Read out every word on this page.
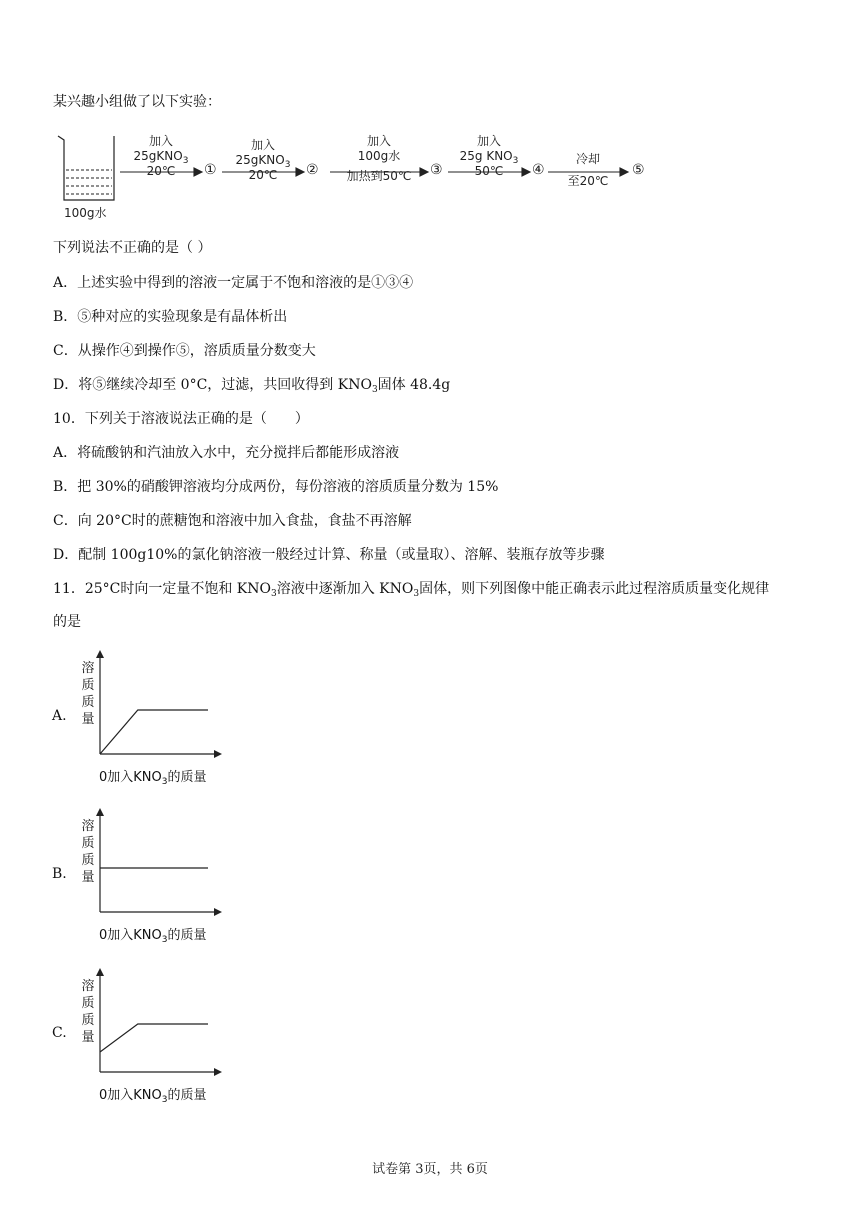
某兴趣小组做了以下实验：
100g水
加入
25gKNO$_3$
20℃	①
加入
25gKNO$_3$
20℃	②
加入
100g水
加热到50℃	③
加入
25g $KNO_3$
50℃	④
冷却
至20℃
⑤
下列说法不正确的是（ ）
A．上述实验中得到的溶液一定属于不饱和溶液的是①③④
B．⑤种对应的实验现象是有晶体析出
C．从操作④到操作⑤，溶质质量分数变大
D．将⑤继续冷却至 0°C，过滤，共回收得到 $KNO_3$固体 48.4g
10．下列关于溶液说法正确的是（　　）
A．将硫酸钠和汽油放入水中，充分搅拌后都能形成溶液
B．把 30%的硝酸钾溶液均分成两份，每份溶液的溶质质量分数为 15%
C．向 20°C时的蔗糖饱和溶液中加入食盐，食盐不再溶解
D．配制 100g10%的氯化钠溶液一般经过计算、称量（或量取）、溶解、装瓶存放等步骤
11．25°C时向一定量不饱和 $KNO_3$溶液中逐渐加入 $KNO_3$固体，则下列图像中能正确表示此过程溶质质量变化规律
的是
A.
溶
质
质
量
0加入$KNO_3$的质量
B.
溶
质
质
量
0加入$KNO_3$的质量
C.
溶
质
质
量
0加入$KNO_3$的质量
试卷第 3页，共 6页
